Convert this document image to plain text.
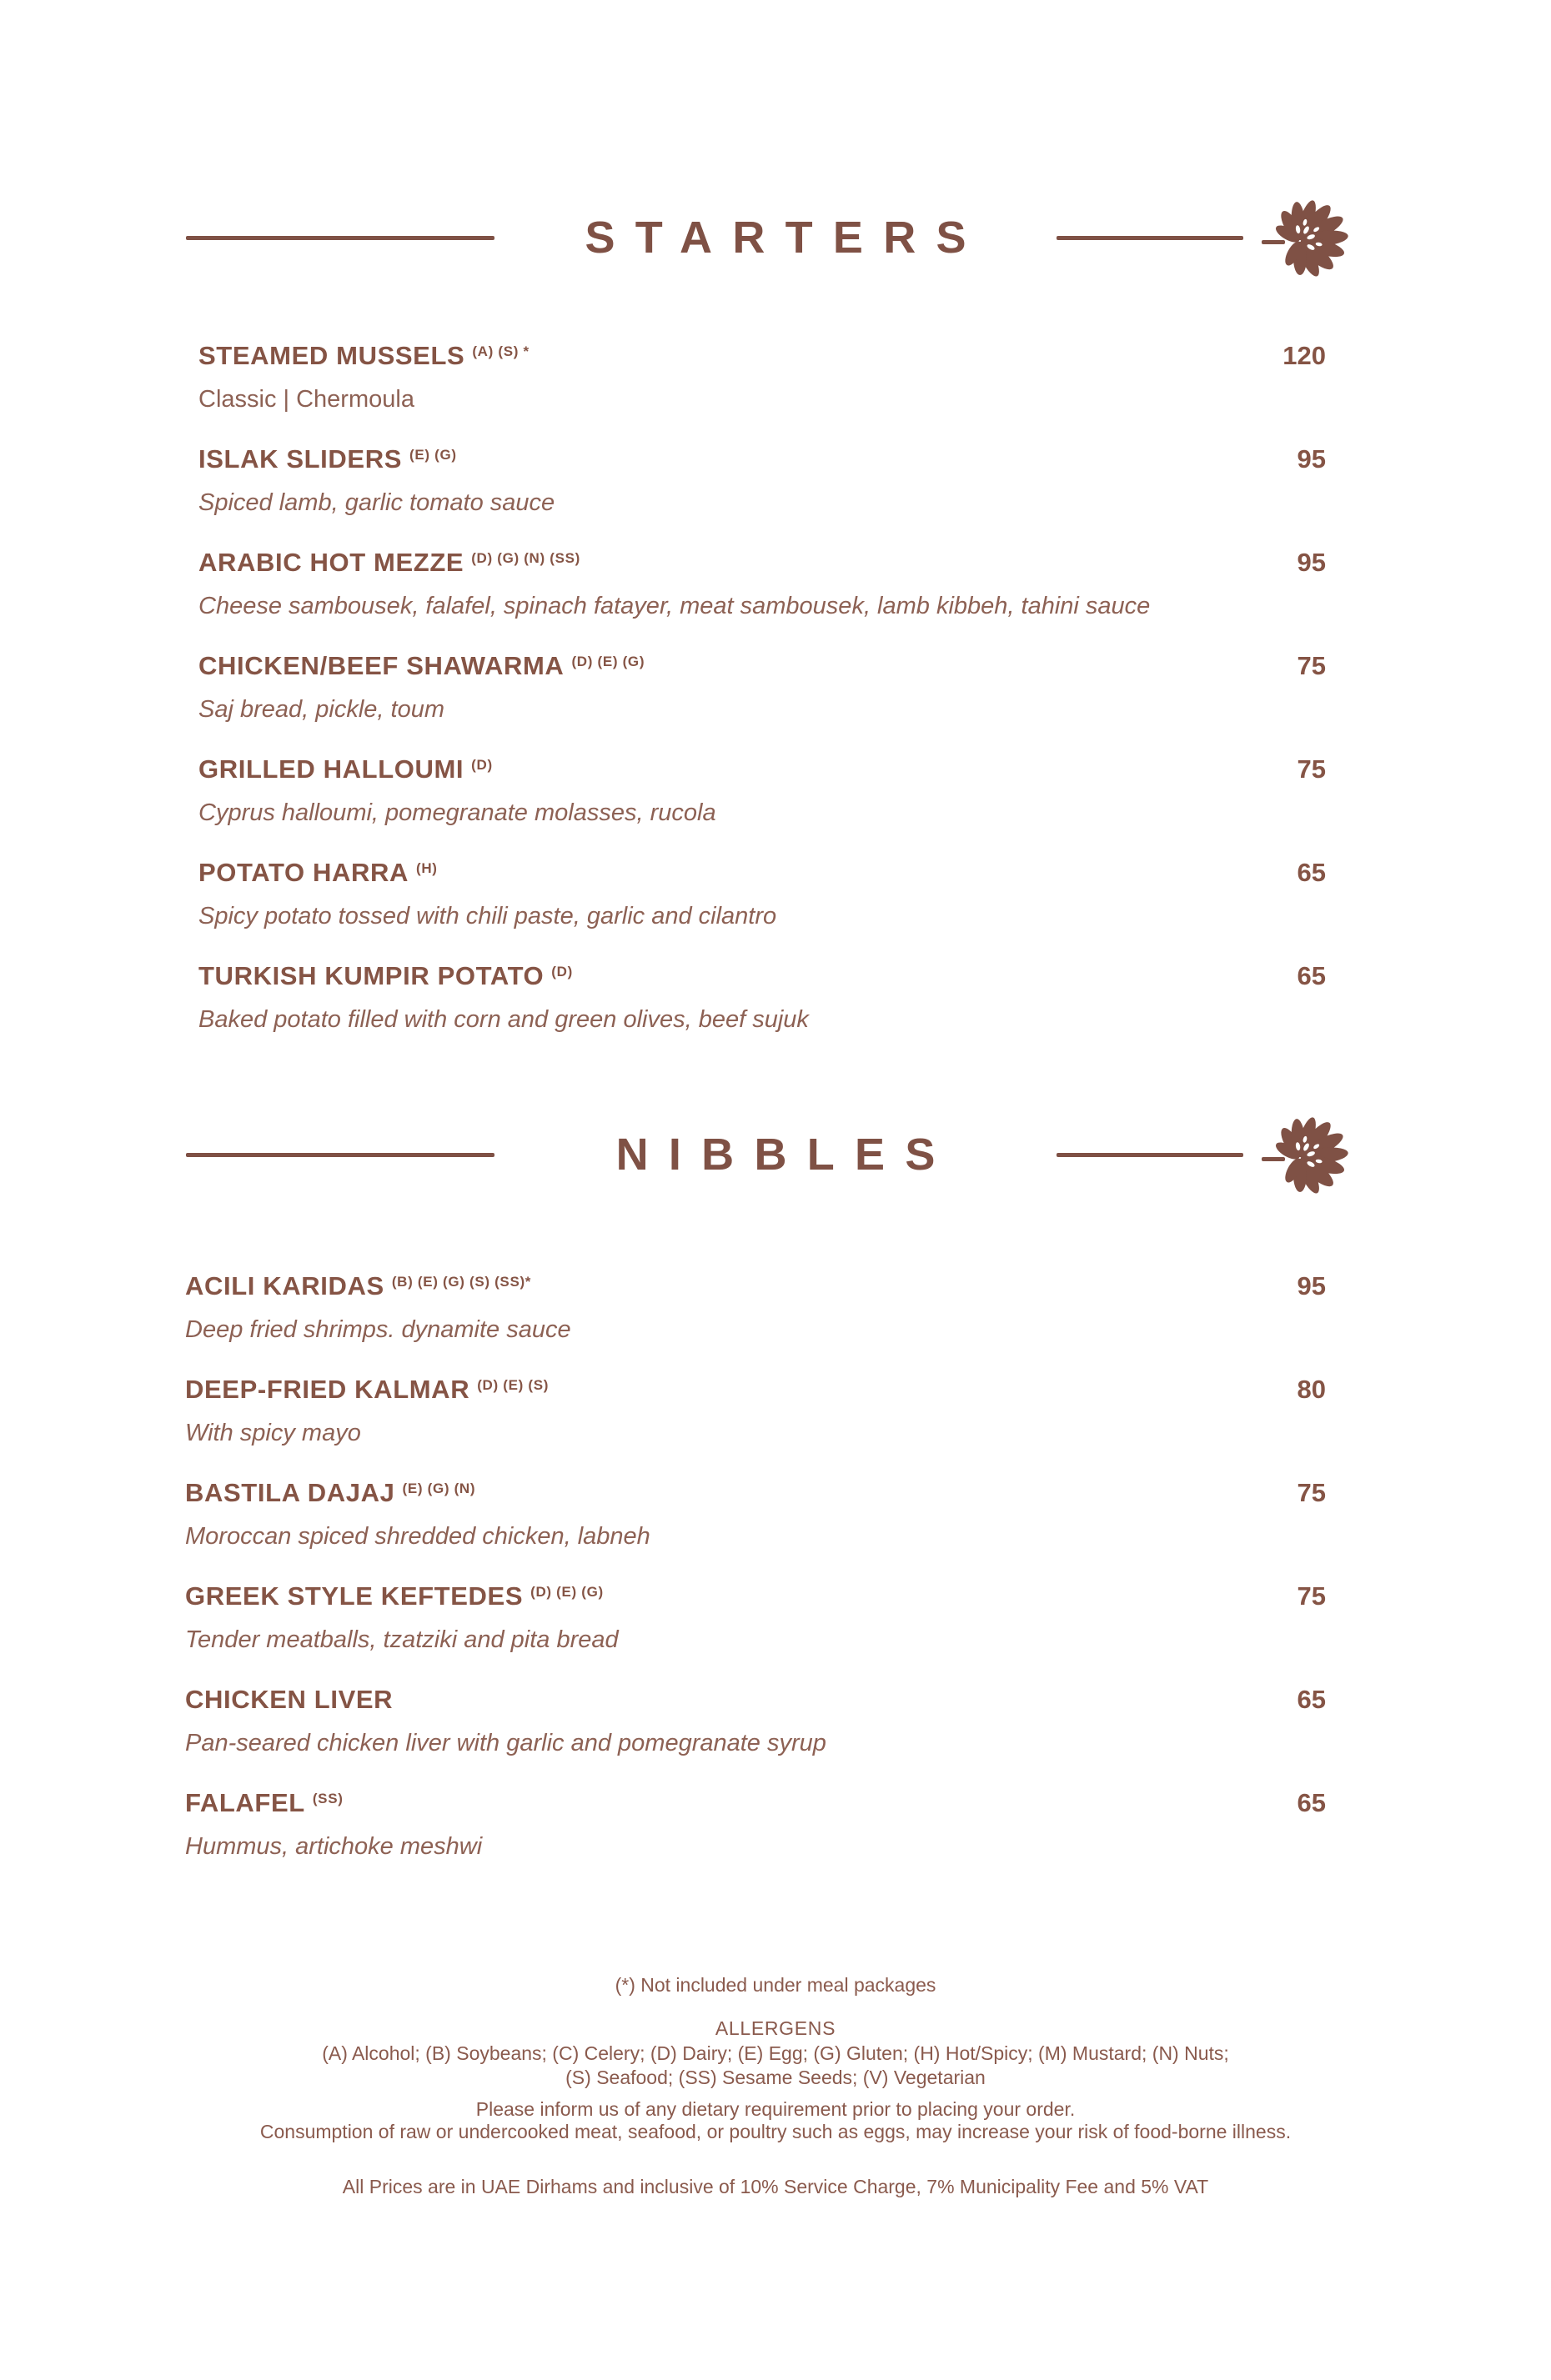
STARTERS
STEAMED MUSSELS $^{(A) (S) *}$	120

Classic | Chermoula

ISLAK SLIDERS $^{(E) (G)}$	95

Spiced lamb, garlic tomato sauce

ARABIC HOT MEZZE $^{(D) (G) (N) (SS)}$	95

Cheese sambousek, falafel, spinach fatayer, meat sambousek, lamb kibbeh, tahini sauce

CHICKEN/BEEF SHAWARMA $^{(D) (E) (G)}$	75

Saj bread, pickle, toum

GRILLED HALLOUMI $^{(D)}$	75

Cyprus halloumi, pomegranate molasses, rucola

POTATO HARRA $^{(H)}$	65

Spicy potato tossed with chili paste, garlic and cilantro

TURKISH KUMPIR POTATO $^{(D)}$	65

Baked potato filled with corn and green olives, beef sujuk

NIBBLES
ACILI KARIDAS $^{(B) (E) (G) (S) (SS)*}$	95

Deep fried shrimps. dynamite sauce

DEEP-FRIED KALMAR $^{(D) (E) (S)}$	80

With spicy mayo

BASTILA DAJAJ $^{(E) (G) (N)}$	75

Moroccan spiced shredded chicken, labneh

GREEK STYLE KEFTEDES $^{(D) (E) (G)}$	75

Tender meatballs, tzatziki and pita bread

CHICKEN LIVER	65

Pan-seared chicken liver with garlic and pomegranate syrup

FALAFEL $^{(SS)}$	65

Hummus, artichoke meshwi

(*) Not included under meal packages

ALLERGENS

(A) Alcohol; (B) Soybeans; (C) Celery; (D) Dairy; (E) Egg; (G) Gluten; (H) Hot/Spicy; (M) Mustard; (N) Nuts;

(S) Seafood; (SS) Sesame Seeds; (V) Vegetarian

Please inform us of any dietary requirement prior to placing your order.

Consumption of raw or undercooked meat, seafood, or poultry such as eggs, may increase your risk of food-borne illness.

All Prices are in UAE Dirhams and inclusive of 10% Service Charge, 7% Municipality Fee and 5% VAT
